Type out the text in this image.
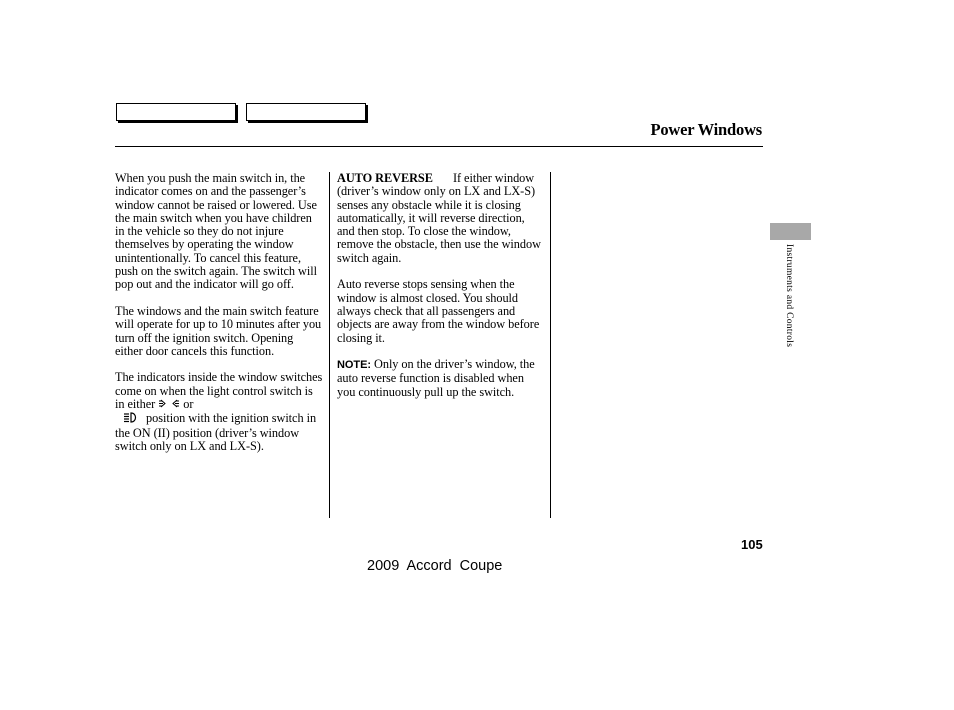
Power Windows

When you push the main switch in, the indicator comes on and the passenger’s window cannot be raised or lowered. Use the main switch when you have children in the vehicle so they do not injure themselves by operating the window unintentionally. To cancel this feature, push on the switch again. The switch will pop out and the indicator will go off.

The windows and the main switch feature will operate for up to 10 minutes after you turn off the ignition switch. Opening either door cancels this function.

The indicators inside the window switches come on when the light control switch is in either or
position with the ignition switch in the ON (II) position (driver’s window switch only on LX and LX-S).

AUTO REVERSE If either window (driver’s window only on LX and LX-S) senses any obstacle while it is closing automatically, it will reverse direction, and then stop. To close the window, remove the obstacle, then use the window switch again.

Auto reverse stops sensing when the window is almost closed. You should always check that all passengers and objects are away from the window before closing it.

NOTE: Only on the driver’s window, the auto reverse function is disabled when you continuously pull up the switch.

Instruments and Controls
105
2009 Accord Coupe
